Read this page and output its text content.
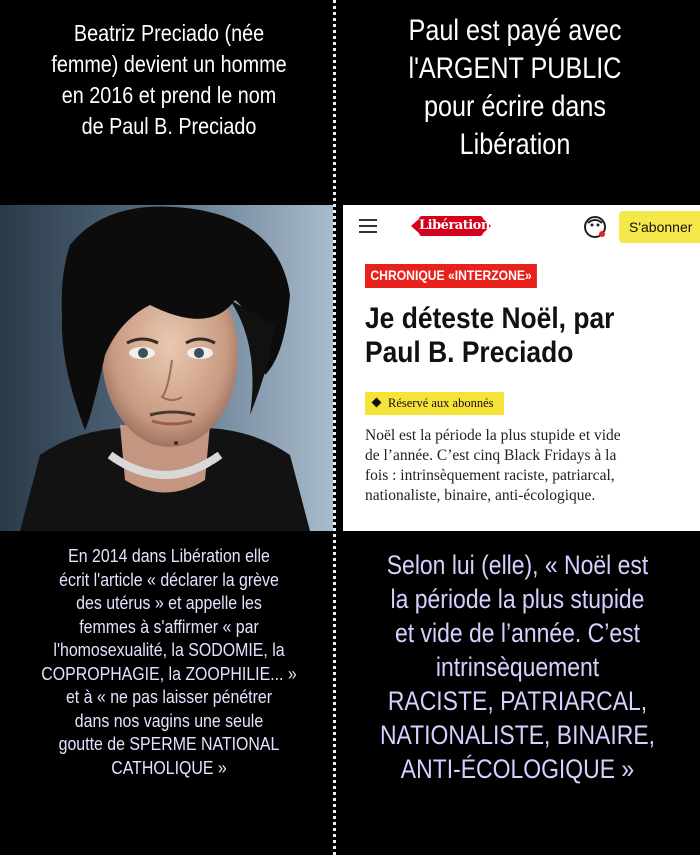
Beatriz Preciado (née
femme) devient un homme
en 2016 et prend le nom
de Paul B. Preciado
Paul est payé avec
l'ARGENT PUBLIC
pour écrire dans
Libération
Libération	S'abonner
CHRONIQUE «INTERZONE»
Je déteste Noël, par
Paul B. Preciado
Réservé aux abonnés
Noël est la période la plus stupide et vide
de l’année. C’est cinq Black Fridays à la
fois : intrinsèquement raciste, patriarcal,
nationaliste, binaire, anti-écologique.
En 2014 dans Libération elle
écrit l'article « déclarer la grève
des utérus » et appelle les
femmes à s'affirmer « par
l'homosexualité, la SODOMIE, la
COPROPHAGIE, la ZOOPHILIE... »
et à « ne pas laisser pénétrer
dans nos vagins une seule
goutte de SPERME NATIONAL
CATHOLIQUE »
Selon lui (elle), « Noël est
la période la plus stupide
et vide de l’année. C’est
intrinsèquement
RACISTE, PATRIARCAL,
NATIONALISTE, BINAIRE,
ANTI-ÉCOLOGIQUE »
